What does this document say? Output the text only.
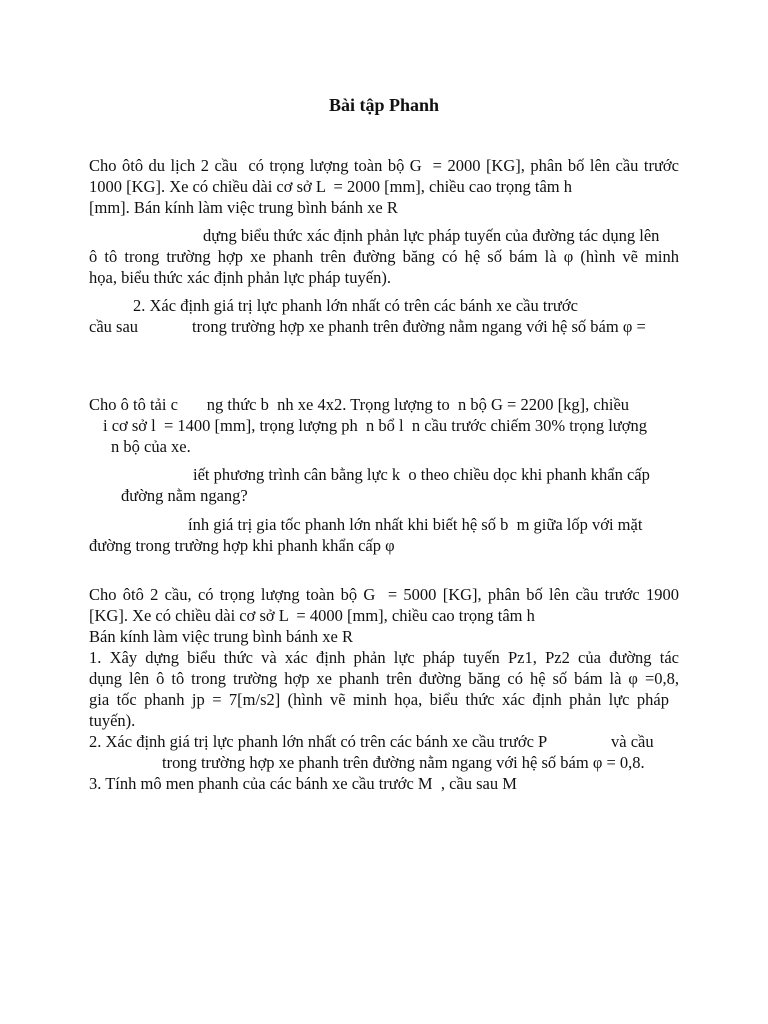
Bài tập Phanh
Cho ôtô du lịch 2 cầu  có trọng lượng toàn bộ G  = 2000 [KG], phân bố lên cầu trước
1000 [KG]. Xe có chiều dài cơ sở L  = 2000 [mm], chiều cao trọng tâm h
[mm]. Bán kính làm việc trung bình bánh xe R
dựng biểu thức xác định phản lực pháp tuyến của đường tác dụng lên
ô tô trong trường hợp xe phanh trên đường băng có hệ số bám là φ (hình vẽ minh
họa, biểu thức xác định phản lực pháp tuyến).
2. Xác định giá trị lực phanh lớn nhất có trên các bánh xe cầu trước
cầu sau	trong trường hợp xe phanh trên đường nằm ngang với hệ số bám φ =
Cho ô tô tải c       ng thức b  nh xe 4x2. Trọng lượng to  n bộ G = 2200 [kg], chiều
i cơ sở l  = 1400 [mm], trọng lượng ph  n bổ l  n cầu trước chiếm 30% trọng lượng
n bộ của xe.
iết phương trình cân bằng lực k  o theo chiều dọc khi phanh khẩn cấp
đường nằm ngang?
ính giá trị gia tốc phanh lớn nhất khi biết hệ số b  m giữa lốp với mặt
đường trong trường hợp khi phanh khẩn cấp φ
Cho ôtô 2 cầu, có trọng lượng toàn bộ G  = 5000 [KG], phân bố lên cầu trước 1900
[KG]. Xe có chiều dài cơ sở L  = 4000 [mm], chiều cao trọng tâm h
Bán kính làm việc trung bình bánh xe R
1. Xây dựng biểu thức và xác định phản lực pháp tuyến Pz1, Pz2 của đường tác
dụng lên ô tô trong trường hợp xe phanh trên đường băng có hệ số bám là φ =0,8,
gia tốc phanh jp = 7[m/s2] (hình vẽ minh họa, biểu thức xác định phản lực pháp
tuyến).
2. Xác định giá trị lực phanh lớn nhất có trên các bánh xe cầu trước P	và cầu
trong trường hợp xe phanh trên đường nằm ngang với hệ số bám φ = 0,8.
3. Tính mô men phanh của các bánh xe cầu trước M  , cầu sau M
